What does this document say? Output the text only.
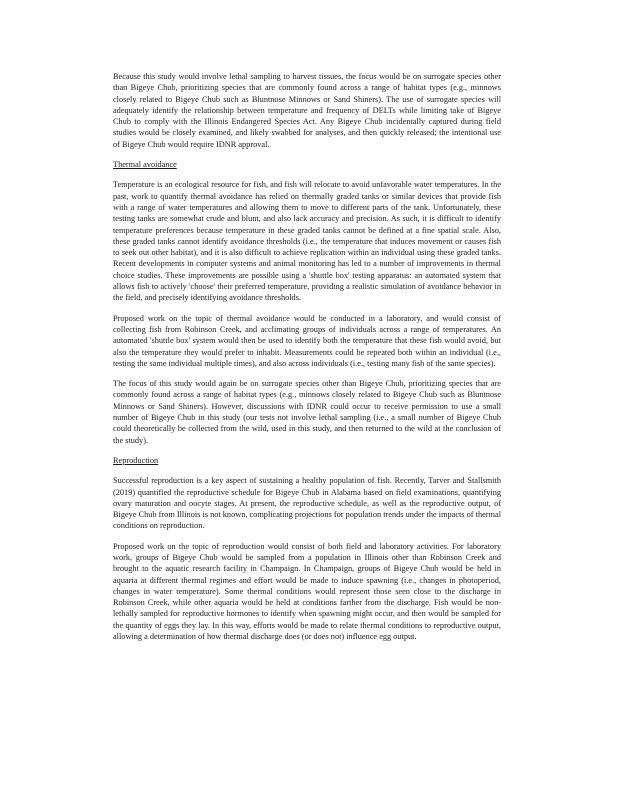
Because this study would involve lethal sampling to harvest tissues, the focus would be on surrogate species other than Bigeye Chub, prioritizing species that are commonly found across a range of habitat types (e.g., minnows closely related to Bigeye Chub such as Bluntnose Minnows or Sand Shiners). The use of surrogate species will adequately identify the relationship between temperature and frequency of DELTs while limiting take of Bigeye Chub to comply with the Illinois Endangered Species Act. Any Bigeye Chub incidentally captured during field studies would be closely examined, and likely swabbed for analyses, and then quickly released; the intentional use of Bigeye Chub would require IDNR approval.

Thermal avoidance

Temperature is an ecological resource for fish, and fish will relocate to avoid unfavorable water temperatures. In the past, work to quantify thermal avoidance has relied on thermally graded tanks or similar devices that provide fish with a range of water temperatures and allowing them to move to different parts of the tank. Unfortunately, these testing tanks are somewhat crude and blunt, and also lack accuracy and precision. As such, it is difficult to identify temperature preferences because temperature in these graded tanks cannot be defined at a fine spatial scale. Also, these graded tanks cannot identify avoidance thresholds (i.e., the temperature that induces movement or causes fish to seek out other habitat), and it is also difficult to achieve replication within an individual using these graded tanks. Recent developments in computer systems and animal monitoring has led to a number of improvements in thermal choice studies. These improvements are possible using a 'shuttle box' testing apparatus: an automated system that allows fish to actively 'choose' their preferred temperature, providing a realistic simulation of avoidance behavior in the field, and precisely identifying avoidance thresholds.

Proposed work on the topic of thermal avoidance would be conducted in a laboratory, and would consist of collecting fish from Robinson Creek, and acclimating groups of individuals across a range of temperatures. An automated 'shuttle box' system would then be used to identify both the temperature that these fish would avoid, but also the temperature they would prefer to inhabit. Measurements could be repeated both within an individual (i.e., testing the same individual multiple times), and also across individuals (i.e., testing many fish of the same species).

The focus of this study would again be on surrogate species other than Bigeye Chub, prioritizing species that are commonly found across a range of habitat types (e.g., minnows closely related to Bigeye Chub such as Bluntnose Minnows or Sand Shiners). However, discussions with IDNR could occur to receive permission to use a small number of Bigeye Chub in this study (our tests not involve lethal sampling (i.e., a small number of Bigeye Chub could theoretically be collected from the wild, used in this study, and then returned to the wild at the conclusion of the study).

Reproduction

Successful reproduction is a key aspect of sustaining a healthy population of fish. Recently, Tarver and Stallsmith (2019) quantified the reproductive schedule for Bigeye Chub in Alabama based on field examinations, quantifying ovary maturation and oocyte stages. At present, the reproductive schedule, as well as the reproductive output, of Bigeye Chub from Illinois is not known, complicating projections for population trends under the impacts of thermal conditions on reproduction.

Proposed work on the topic of reproduction would consist of both field and laboratory activities. For laboratory work, groups of Bigeye Chub would be sampled from a population in Illinois other than Robinson Creek and brought to the aquatic research facility in Champaign. In Champaign, groups of Bigeye Chub would be held in aquaria at different thermal regimes and effort would be made to induce spawning (i.e., changes in photoperiod, changes in water temperature). Some thermal conditions would represent those seen close to the discharge in Robinson Creek, while other aquaria would be held at conditions farther from the discharge. Fish would be non-lethally sampled for reproductive hormones to identify when spawning might occur, and then would be sampled for the quantity of eggs they lay. In this way, efforts would be made to relate thermal conditions to reproductive output, allowing a determination of how thermal discharge does (or does not) influence egg output.
